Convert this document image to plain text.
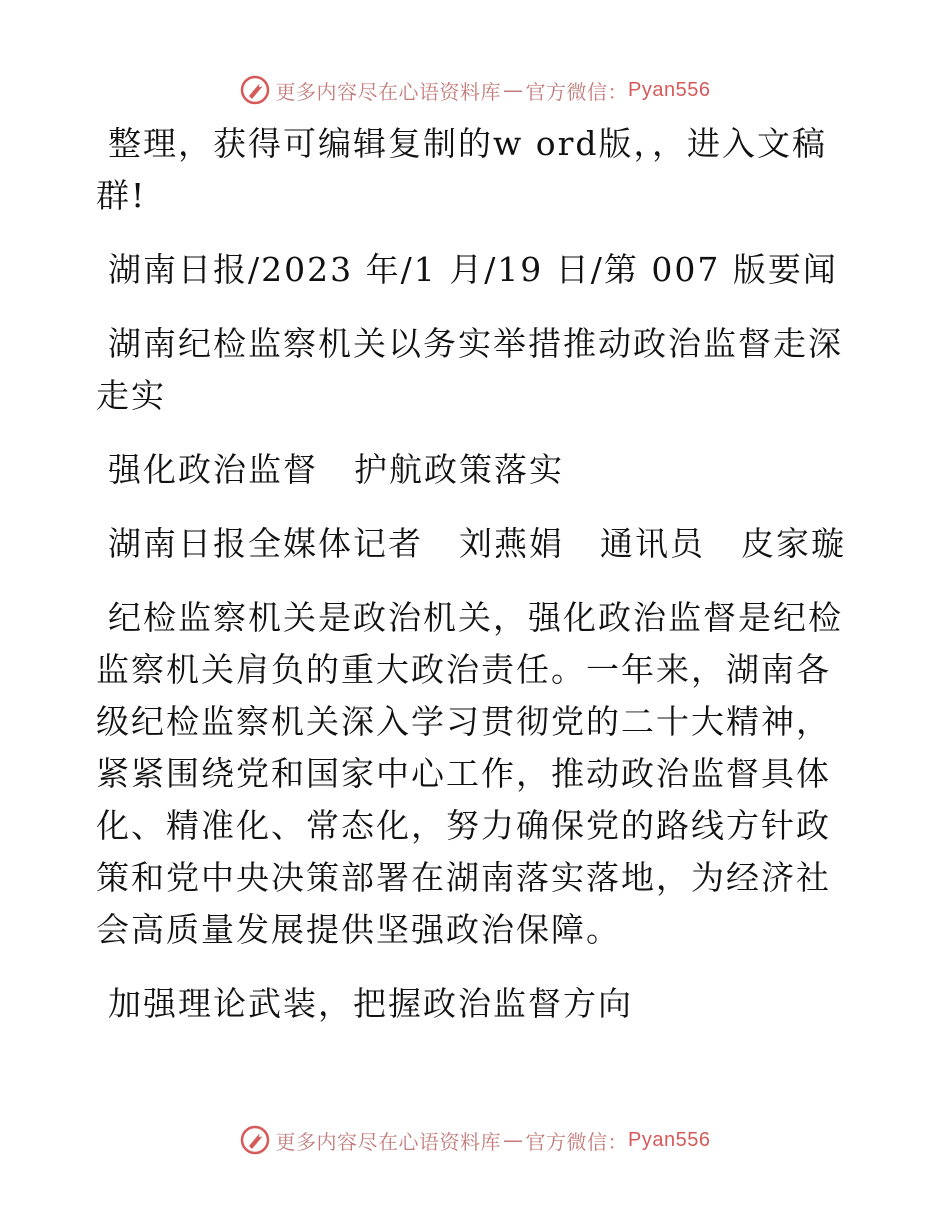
更多内容尽在心语资料库 — 官方微信： Pyan556

整理，获得可编辑复制的w ord版，，进入文稿群!

湖南日报/2023 年/1 月/19 日/第 007 版要闻

湖南纪检监察机关以务实举措推动政治监督走深走实

强化政治监督 护航政策落实

湖南日报全媒体记者 刘燕娟 通讯员 皮家璇

纪检监察机关是政治机关，强化政治监督是纪检监察机关肩负的重大政治责任。一年来，湖南各级纪检监察机关深入学习贯彻党的二十大精神，紧紧围绕党和国家中心工作，推动政治监督具体化、精准化、常态化，努力确保党的路线方针政策和党中央决策部署在湖南落实落地，为经济社会高质量发展提供坚强政治保障。

加强理论武装，把握政治监督方向

更多内容尽在心语资料库 — 官方微信： Pyan556
